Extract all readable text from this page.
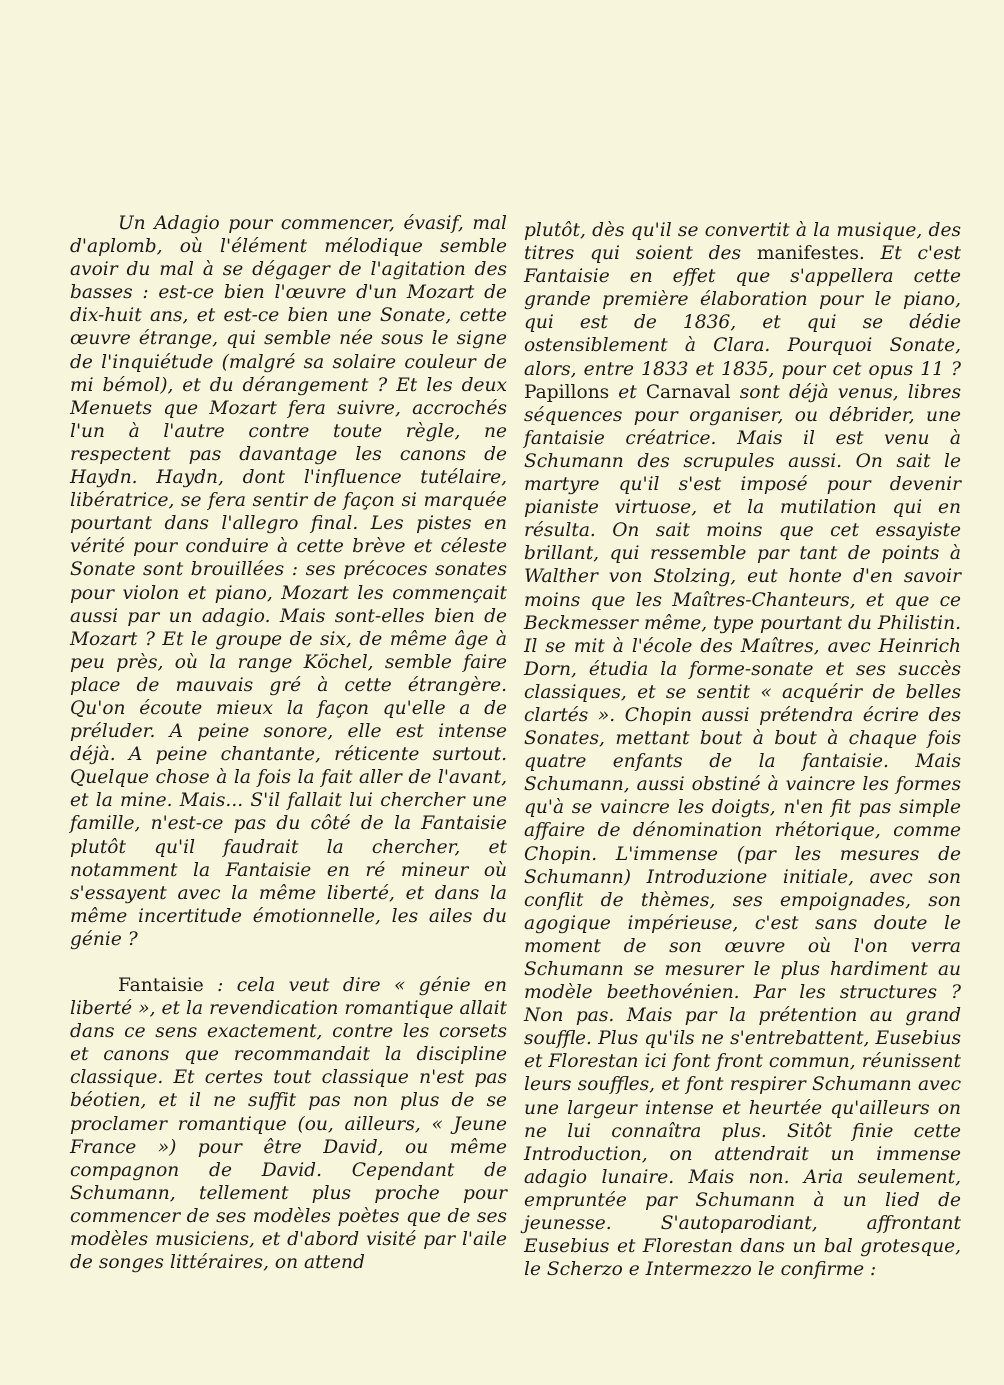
Un Adagio pour commencer, évasif, mal d'aplomb, où l'élément mélodique semble avoir du mal à se dégager de l'agitation des basses : est-ce bien l'œuvre d'un Mozart de dix-huit ans, et est-ce bien une Sonate, cette œuvre étrange, qui semble née sous le signe de l'inquiétude (malgré sa solaire couleur de mi bémol), et du dérangement ? Et les deux Menuets que Mozart fera suivre, accrochés l'un à l'autre contre toute règle, ne respectent pas davantage les canons de Haydn. Haydn, dont l'influence tutélaire, libératrice, se fera sentir de façon si marquée pourtant dans l'allegro final. Les pistes en vérité pour conduire à cette brève et céleste Sonate sont brouillées : ses précoces sonates pour violon et piano, Mozart les commençait aussi par un adagio. Mais sont-elles bien de Mozart ? Et le groupe de six, de même âge à peu près, où la range Köchel, semble faire place de mauvais gré à cette étrangère. Qu'on écoute mieux la façon qu'elle a de préluder. A peine sonore, elle est intense déjà. A peine chantante, réticente surtout. Quelque chose à la fois la fait aller de l'avant, et la mine. Mais... S'il fallait lui chercher une famille, n'est-ce pas du côté de la Fantaisie plutôt qu'il faudrait la chercher, et notamment la Fantaisie en ré mineur où s'essayent avec la même liberté, et dans la même incertitude émotionnelle, les ailes du génie ?

Fantaisie : cela veut dire « génie en liberté », et la revendication romantique allait dans ce sens exactement, contre les corsets et canons que recommandait la discipline classique. Et certes tout classique n'est pas béotien, et il ne suffit pas non plus de se proclamer romantique (ou, ailleurs, « Jeune France ») pour être David, ou même compagnon de David. Cependant de Schumann, tellement plus proche pour commencer de ses modèles poètes que de ses modèles musiciens, et d'abord visité par l'aile de songes littéraires, on attend

plutôt, dès qu'il se convertit à la musique, des titres qui soient des manifestes. Et c'est Fantaisie en effet que s'appellera cette grande première élaboration pour le piano, qui est de 1836, et qui se dédie ostensiblement à Clara. Pourquoi Sonate, alors, entre 1833 et 1835, pour cet opus 11 ? Papillons et Carnaval sont déjà venus, libres séquences pour organiser, ou débrider, une fantaisie créatrice. Mais il est venu à Schumann des scrupules aussi. On sait le martyre qu'il s'est imposé pour devenir pianiste virtuose, et la mutilation qui en résulta. On sait moins que cet essayiste brillant, qui ressemble par tant de points à Walther von Stolzing, eut honte d'en savoir moins que les Maîtres-Chanteurs, et que ce Beckmesser même, type pourtant du Philistin. Il se mit à l'école des Maîtres, avec Heinrich Dorn, étudia la forme-sonate et ses succès classiques, et se sentit « acquérir de belles clartés ». Chopin aussi prétendra écrire des Sonates, mettant bout à bout à chaque fois quatre enfants de la fantaisie. Mais Schumann, aussi obstiné à vaincre les formes qu'à se vaincre les doigts, n'en fit pas simple affaire de dénomination rhétorique, comme Chopin. L'immense (par les mesures de Schumann) Introduzione initiale, avec son conflit de thèmes, ses empoignades, son agogique impérieuse, c'est sans doute le moment de son œuvre où l'on verra Schumann se mesurer le plus hardiment au modèle beethovénien. Par les structures ? Non pas. Mais par la prétention au grand souffle. Plus qu'ils ne s'entrebattent, Eusebius et Florestan ici font front commun, réunissent leurs souffles, et font respirer Schumann avec une largeur intense et heurtée qu'ailleurs on ne lui connaîtra plus. Sitôt finie cette Introduction, on attendrait un immense adagio lunaire. Mais non. Aria seulement, empruntée par Schumann à un lied de jeunesse. S'autoparodiant, affrontant Eusebius et Florestan dans un bal grotesque, le Scherzo e Intermezzo le confirme :
